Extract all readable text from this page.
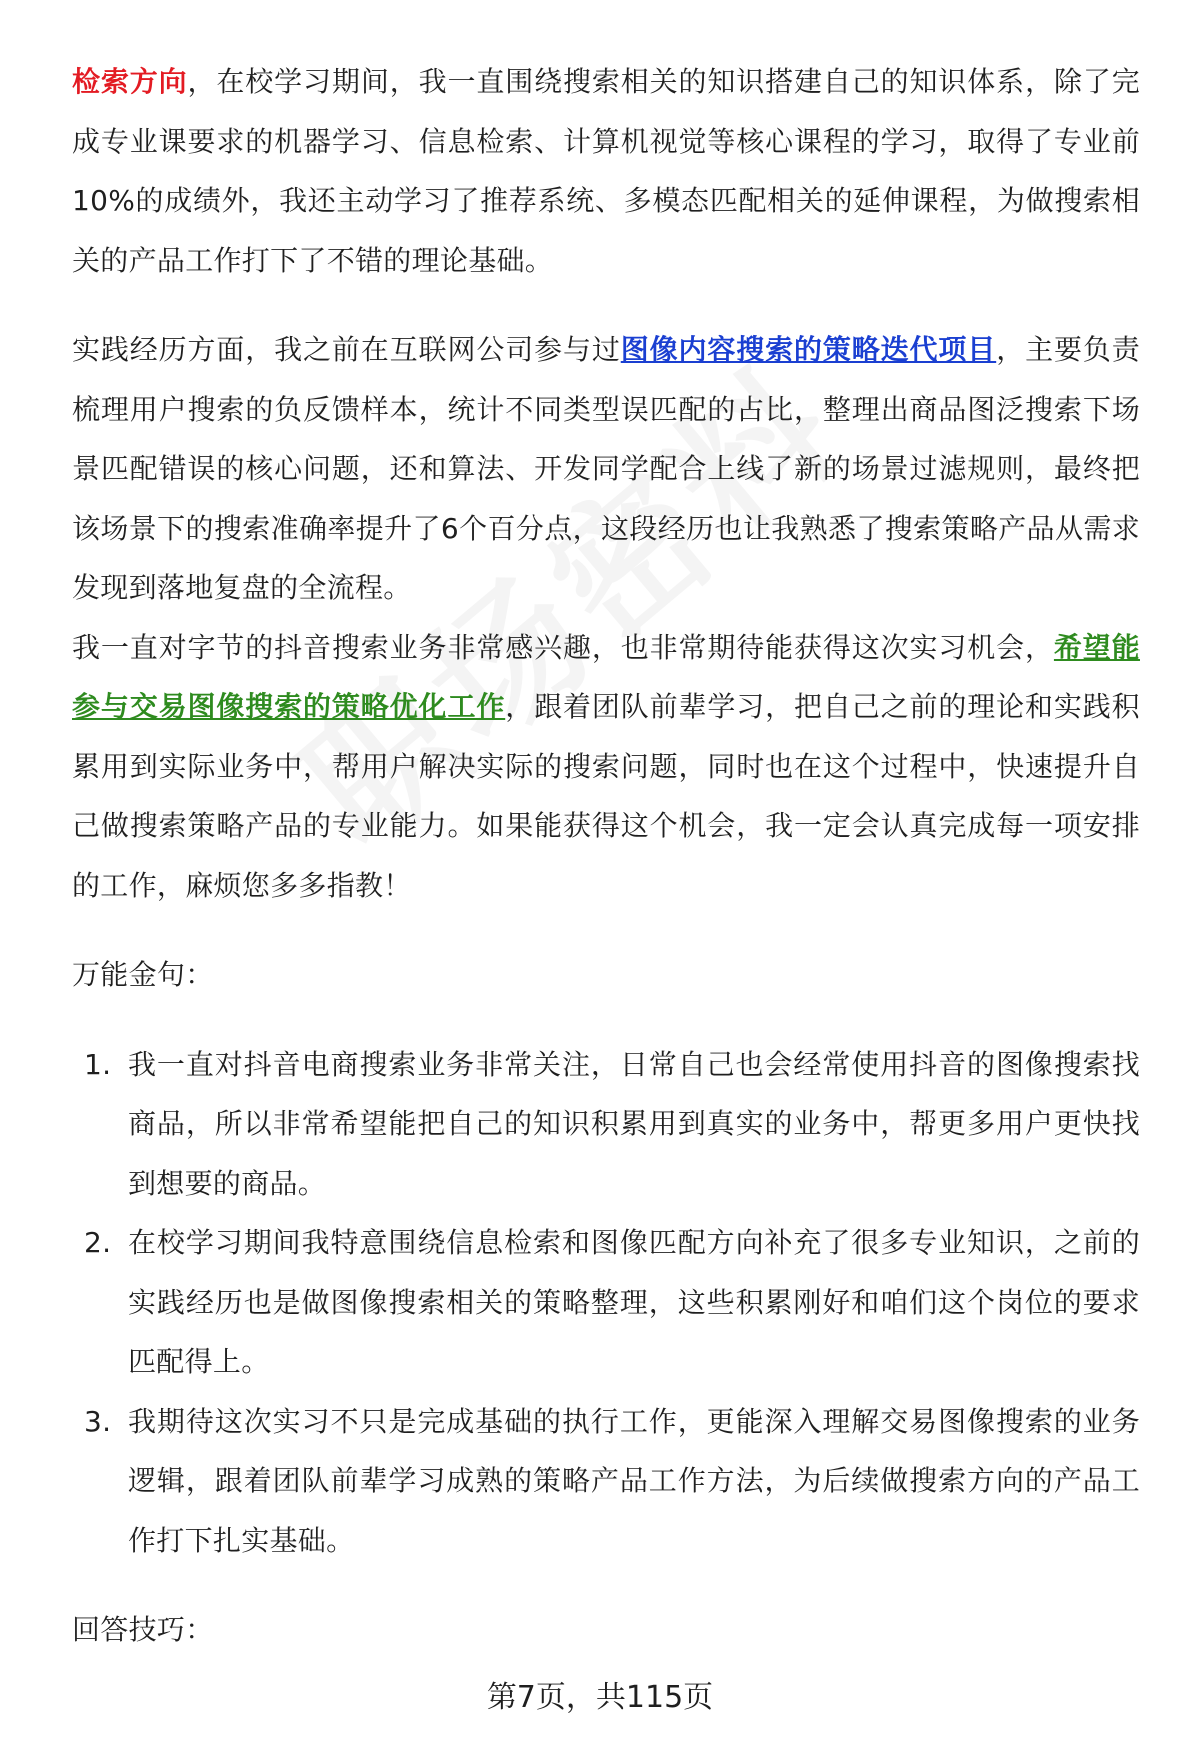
检索方向，在校学习期间，我一直围绕搜索相关的知识搭建自己的知识体系，除了完成专业课要求的机器学习、信息检索、计算机视觉等核心课程的学习，取得了专业前10%的成绩外，我还主动学习了推荐系统、多模态匹配相关的延伸课程，为做搜索相关的产品工作打下了不错的理论基础。

实践经历方面，我之前在互联网公司参与过图像内容搜索的策略迭代项目，主要负责梳理用户搜索的负反馈样本，统计不同类型误匹配的占比，整理出商品图泛搜索下场景匹配错误的核心问题，还和算法、开发同学配合上线了新的场景过滤规则，最终把该场景下的搜索准确率提升了6个百分点，这段经历也让我熟悉了搜索策略产品从需求发现到落地复盘的全流程。

我一直对字节的抖音搜索业务非常感兴趣，也非常期待能获得这次实习机会，希望能参与交易图像搜索的策略优化工作，跟着团队前辈学习，把自己之前的理论和实践积累用到实际业务中，帮用户解决实际的搜索问题，同时也在这个过程中，快速提升自己做搜索策略产品的专业能力。如果能获得这个机会，我一定会认真完成每一项安排的工作，麻烦您多多指教！

万能金句：

1. 我一直对抖音电商搜索业务非常关注，日常自己也会经常使用抖音的图像搜索找商品，所以非常希望能把自己的知识积累用到真实的业务中，帮更多用户更快找到想要的商品。
2. 在校学习期间我特意围绕信息检索和图像匹配方向补充了很多专业知识，之前的实践经历也是做图像搜索相关的策略整理，这些积累刚好和咱们这个岗位的要求匹配得上。
3. 我期待这次实习不只是完成基础的执行工作，更能深入理解交易图像搜索的业务逻辑，跟着团队前辈学习成熟的策略产品工作方法，为后续做搜索方向的产品工作打下扎实基础。

回答技巧：

第7页，共115页
